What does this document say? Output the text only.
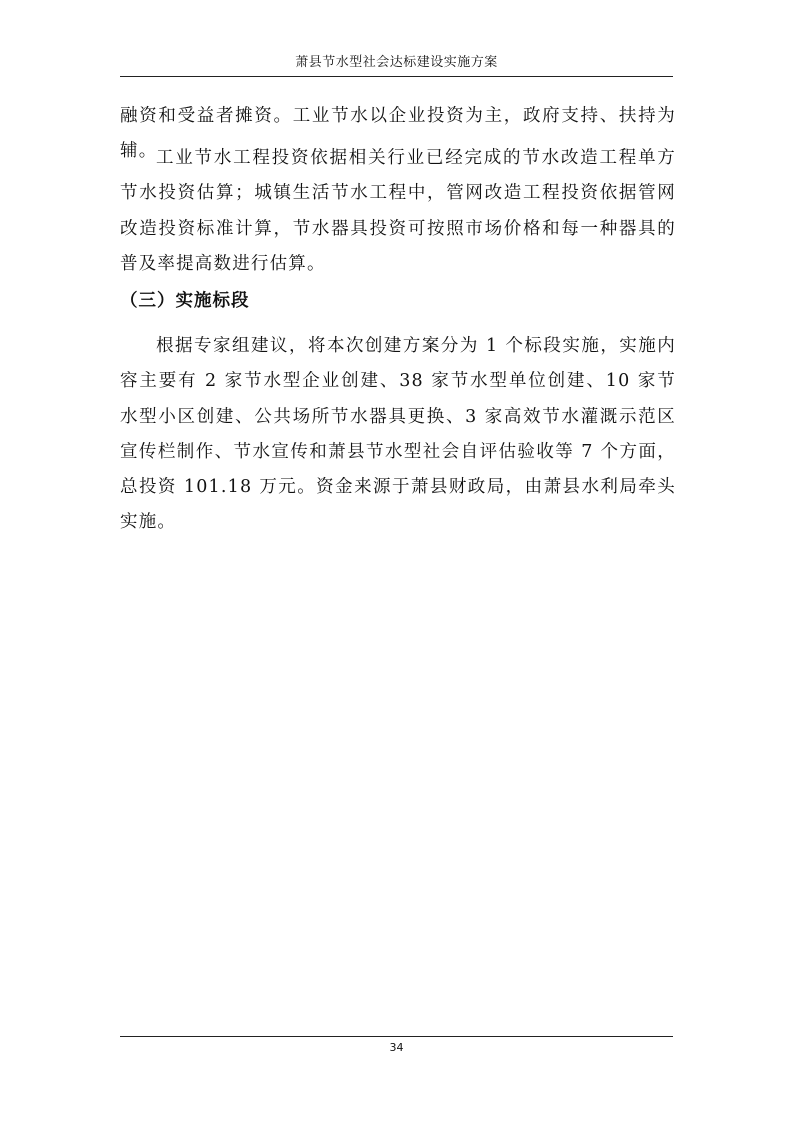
萧县节水型社会达标建设实施方案

融资和受益者摊资。工业节水以企业投资为主，政府支持、扶持为辅。

工业节水工程投资依据相关行业已经完成的节水改造工程单方节水投资估算；城镇生活节水工程中，管网改造工程投资依据管网改造投资标准计算，节水器具投资可按照市场价格和每一种器具的普及率提高数进行估算。

（三）实施标段

根据专家组建议，将本次创建方案分为 1 个标段实施，实施内容主要有 2 家节水型企业创建、38 家节水型单位创建、10 家节水型小区创建、公共场所节水器具更换、3 家高效节水灌溉示范区宣传栏制作、节水宣传和萧县节水型社会自评估验收等 7 个方面，总投资 101.18 万元。资金来源于萧县财政局，由萧县水利局牵头实施。

34
